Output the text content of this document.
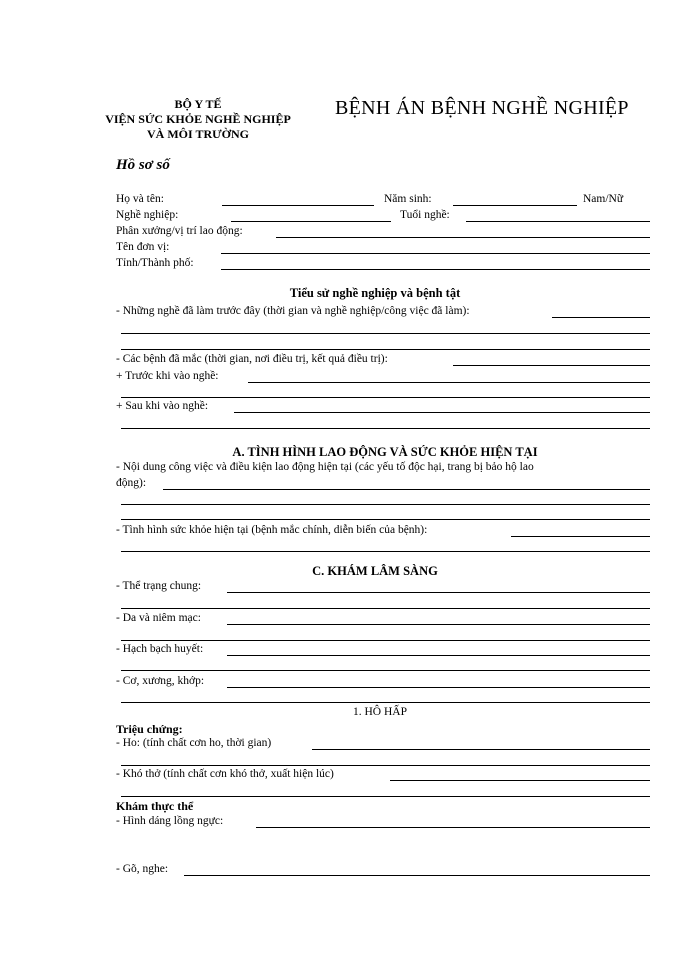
BỘ Y TẾ
VIỆN SỨC KHỎE NGHỀ NGHIỆP
VÀ MÔI TRƯỜNG
BỆNH ÁN BỆNH NGHỀ NGHIỆP
Hồ sơ số
Họ và tên:	Năm sinh:	Nam/Nữ
Nghề nghiệp:	Tuổi nghề:
Phân xưởng/vị trí lao động:
Tên đơn vị:
Tỉnh/Thành phố:
Tiểu sử nghề nghiệp và bệnh tật
- Những nghề đã làm trước đây (thời gian và nghề nghiệp/công việc đã làm):
- Các bệnh đã mắc (thời gian, nơi điều trị, kết quả điều trị):
+ Trước khi vào nghề:
+ Sau khi vào nghề:
A. TÌNH HÌNH LAO ĐỘNG VÀ SỨC KHỎE HIỆN TẠI
- Nội dung công việc và điều kiện lao động hiện tại (các yếu tố độc hại, trang bị bảo hộ lao
động):
- Tình hình sức khỏe hiện tại (bệnh mắc chính, diễn biến của bệnh):
C. KHÁM LÂM SÀNG
- Thể trạng chung:
- Da và niêm mạc:
- Hạch bạch huyết:
- Cơ, xương, khớp:
1. HÔ HẤP
Triệu chứng:
- Ho: (tính chất cơn ho, thời gian)
- Khó thở (tính chất cơn khó thở, xuất hiện lúc)
Khám thực thể
- Hình dáng lồng ngực:
- Gõ, nghe:
